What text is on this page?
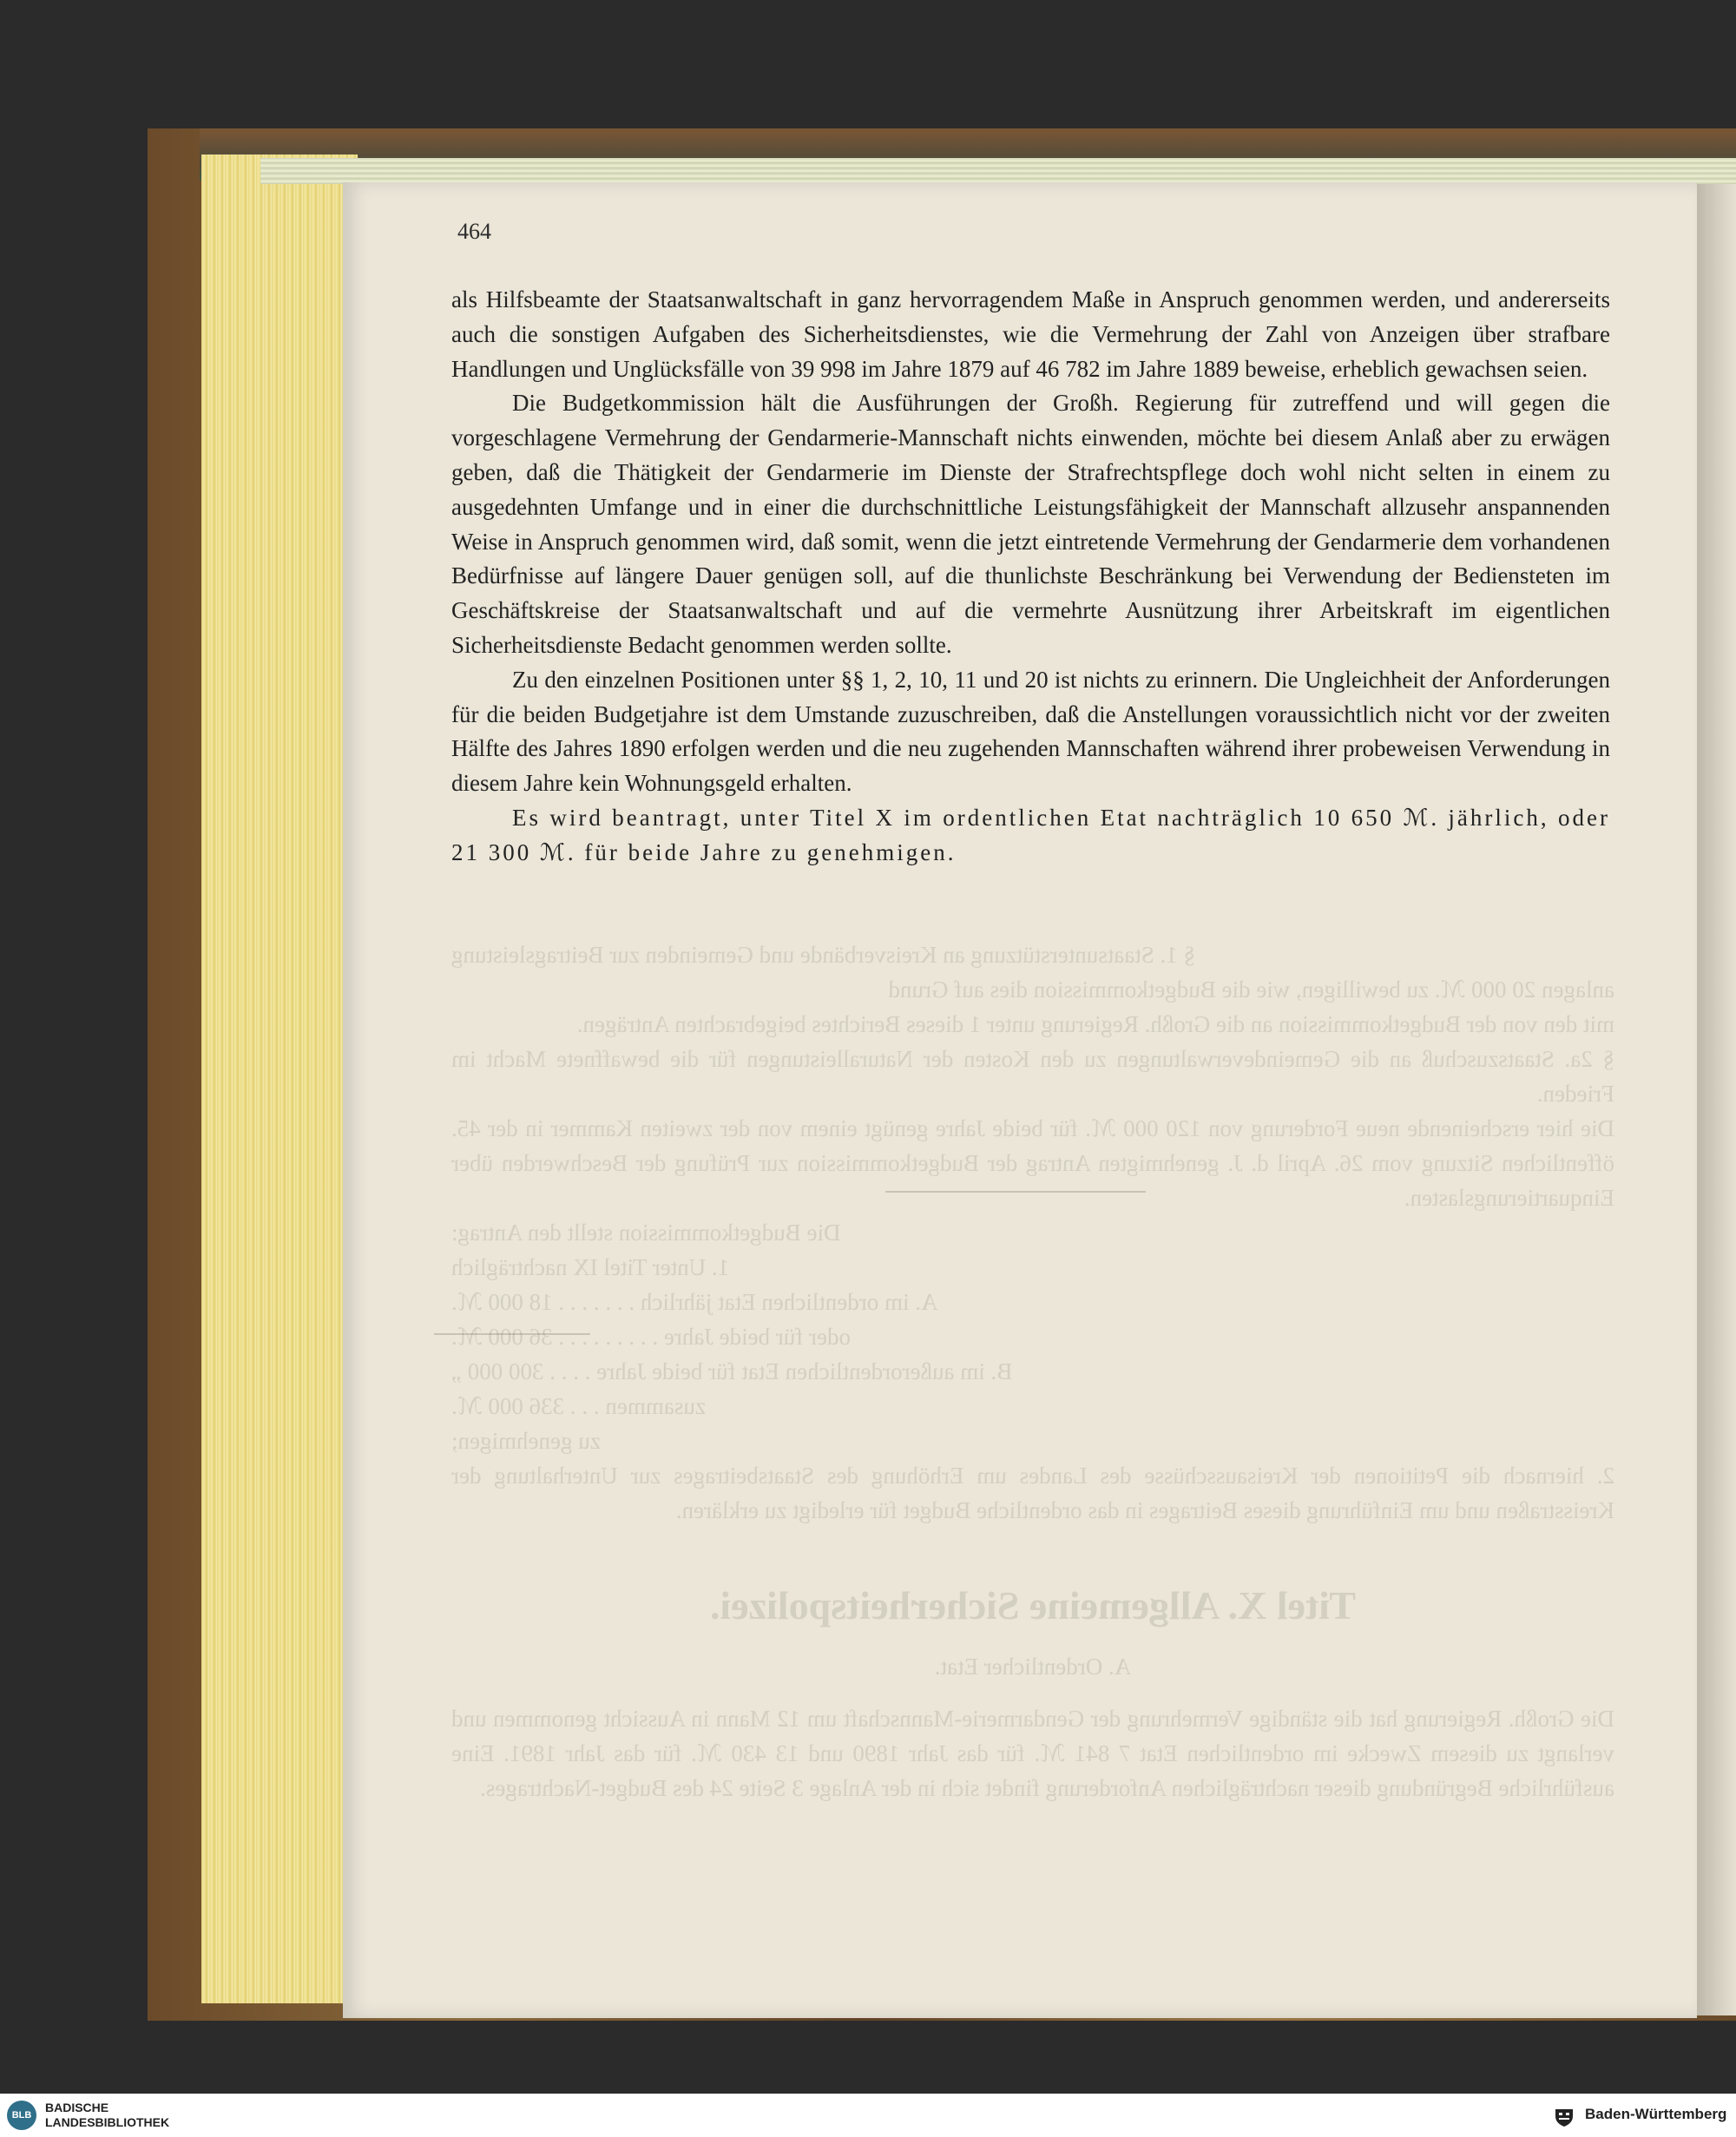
§ 1. Staatsunterstützung an Kreisverbände und Gemeinden zur Beitragsleistung
anlagen 20 000 ℳ. zu bewilligen, wie die Budgetkommission dies auf Grund
mit den von der Budgetkommission an die Großh. Regierung unter 1 dieses Berichtes beigebrachten Anträgen.
§ 2a. Staatszuschuß an die Gemeindeverwaltungen zu den Kosten der Naturalleistungen für die bewaffnete Macht im Frieden.
Die hier erscheinende neue Forderung von 120 000 ℳ. für beide Jahre genügt einem von der zweiten Kammer in der 45. öffentlichen Sitzung vom 26. April d. J. genehmigten Antrag der Budgetkommission zur Prüfung der Beschwerden über Einquartierungslasten.
Die Budgetkommission stellt den Antrag:
1. Unter Titel IX nachträglich
A. im ordentlichen Etat jährlich . . . . . . . 18 000 ℳ.
oder für beide Jahre . . . . . . . . . 36 000 ℳ.
B. im außerordentlichen Etat für beide Jahre . . . . 300 000 „
zusammen . . . 336 000 ℳ.
zu genehmigen;
2. hiernach die Petitionen der Kreisausschüsse des Landes um Erhöhung des Staatsbeitrages zur Unterhaltung der Kreisstraßen und um Einführung dieses Beitrages in das ordentliche Budget für erledigt zu erklären.
Titel X. Allgemeine Sicherheitspolizei.
A. Ordentlicher Etat.
Die Großh. Regierung hat die ständige Vermehrung der Gendarmerie-Mannschaft um 12 Mann in Aussicht genommen und verlangt zu diesem Zwecke im ordentlichen Etat 7 841 ℳ. für das Jahr 1890 und 13 430 ℳ. für das Jahr 1891. Eine ausführliche Begründung dieser nachträglichen Anforderung findet sich in der Anlage 3 Seite 24 des Budget-Nachtrages.
464

als Hilfsbeamte der Staatsanwaltschaft in ganz hervorragendem Maße in Anspruch genommen werden, und andererseits auch die sonstigen Aufgaben des Sicherheitsdienstes, wie die Vermehrung der Zahl von Anzeigen über strafbare Handlungen und Unglücksfälle von 39 998 im Jahre 1879 auf 46 782 im Jahre 1889 beweise, erheblich gewachsen seien.

Die Budgetkommission hält die Ausführungen der Großh. Regierung für zutreffend und will gegen die vorgeschlagene Vermehrung der Gendarmerie-Mannschaft nichts einwenden, möchte bei diesem Anlaß aber zu erwägen geben, daß die Thätigkeit der Gendarmerie im Dienste der Strafrechtspflege doch wohl nicht selten in einem zu ausgedehnten Umfange und in einer die durchschnittliche Leistungsfähigkeit der Mannschaft allzusehr anspannenden Weise in Anspruch genommen wird, daß somit, wenn die jetzt eintretende Vermehrung der Gendarmerie dem vorhandenen Bedürfnisse auf längere Dauer genügen soll, auf die thunlichste Beschränkung bei Verwendung der Bediensteten im Geschäftskreise der Staatsanwaltschaft und auf die vermehrte Ausnützung ihrer Arbeitskraft im eigentlichen Sicherheitsdienste Bedacht genommen werden sollte.

Zu den einzelnen Positionen unter §§ 1, 2, 10, 11 und 20 ist nichts zu erinnern. Die Ungleichheit der Anforderungen für die beiden Budgetjahre ist dem Umstande zuzuschreiben, daß die Anstellungen voraussichtlich nicht vor der zweiten Hälfte des Jahres 1890 erfolgen werden und die neu zugehenden Mannschaften während ihrer probeweisen Verwendung in diesem Jahre kein Wohnungsgeld erhalten.

Es wird beantragt, unter Titel X im ordentlichen Etat nachträglich 10 650 ℳ. jährlich, oder 21 300 ℳ. für beide Jahre zu genehmigen.

BLB
BADISCHE
LANDESBIBLIOTHEK	Baden-Württemberg
